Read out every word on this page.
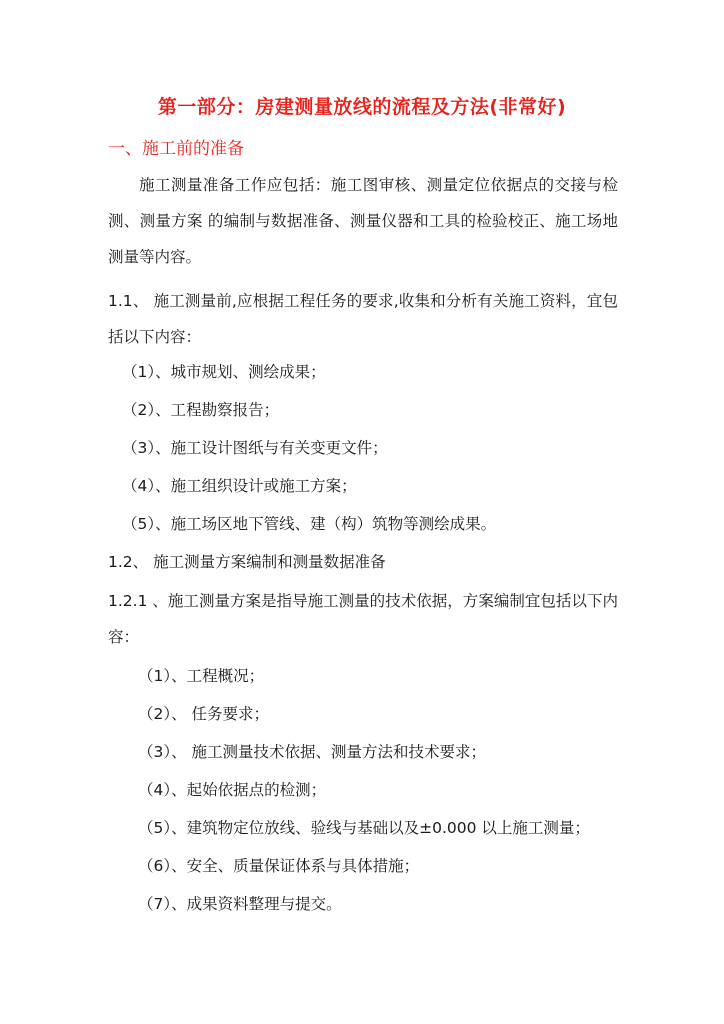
第一部分：房建测量放线的流程及方法(非常好)
一、施工前的准备
施工测量准备工作应包括：施工图审核、测量定位依据点的交接与检测、测量方案 的编制与数据准备、测量仪器和工具的检验校正、施工场地测量等内容。
1.1、 施工测量前,应根据工程任务的要求,收集和分析有关施工资料，宜包括以下内容：
（1）、城市规划、测绘成果；
（2）、工程勘察报告；
（3）、施工设计图纸与有关变更文件；
（4）、施工组织设计或施工方案；
（5）、施工场区地下管线、建（构）筑物等测绘成果。
1.2、 施工测量方案编制和测量数据准备
1.2.1 、施工测量方案是指导施工测量的技术依据，方案编制宜包括以下内容：
（1）、工程概况；
（2）、 任务要求；
（3）、 施工测量技术依据、测量方法和技术要求；
（4）、起始依据点的检测；
（5）、建筑物定位放线、验线与基础以及±0.000 以上施工测量；
（6）、安全、质量保证体系与具体措施；
（7）、成果资料整理与提交。
